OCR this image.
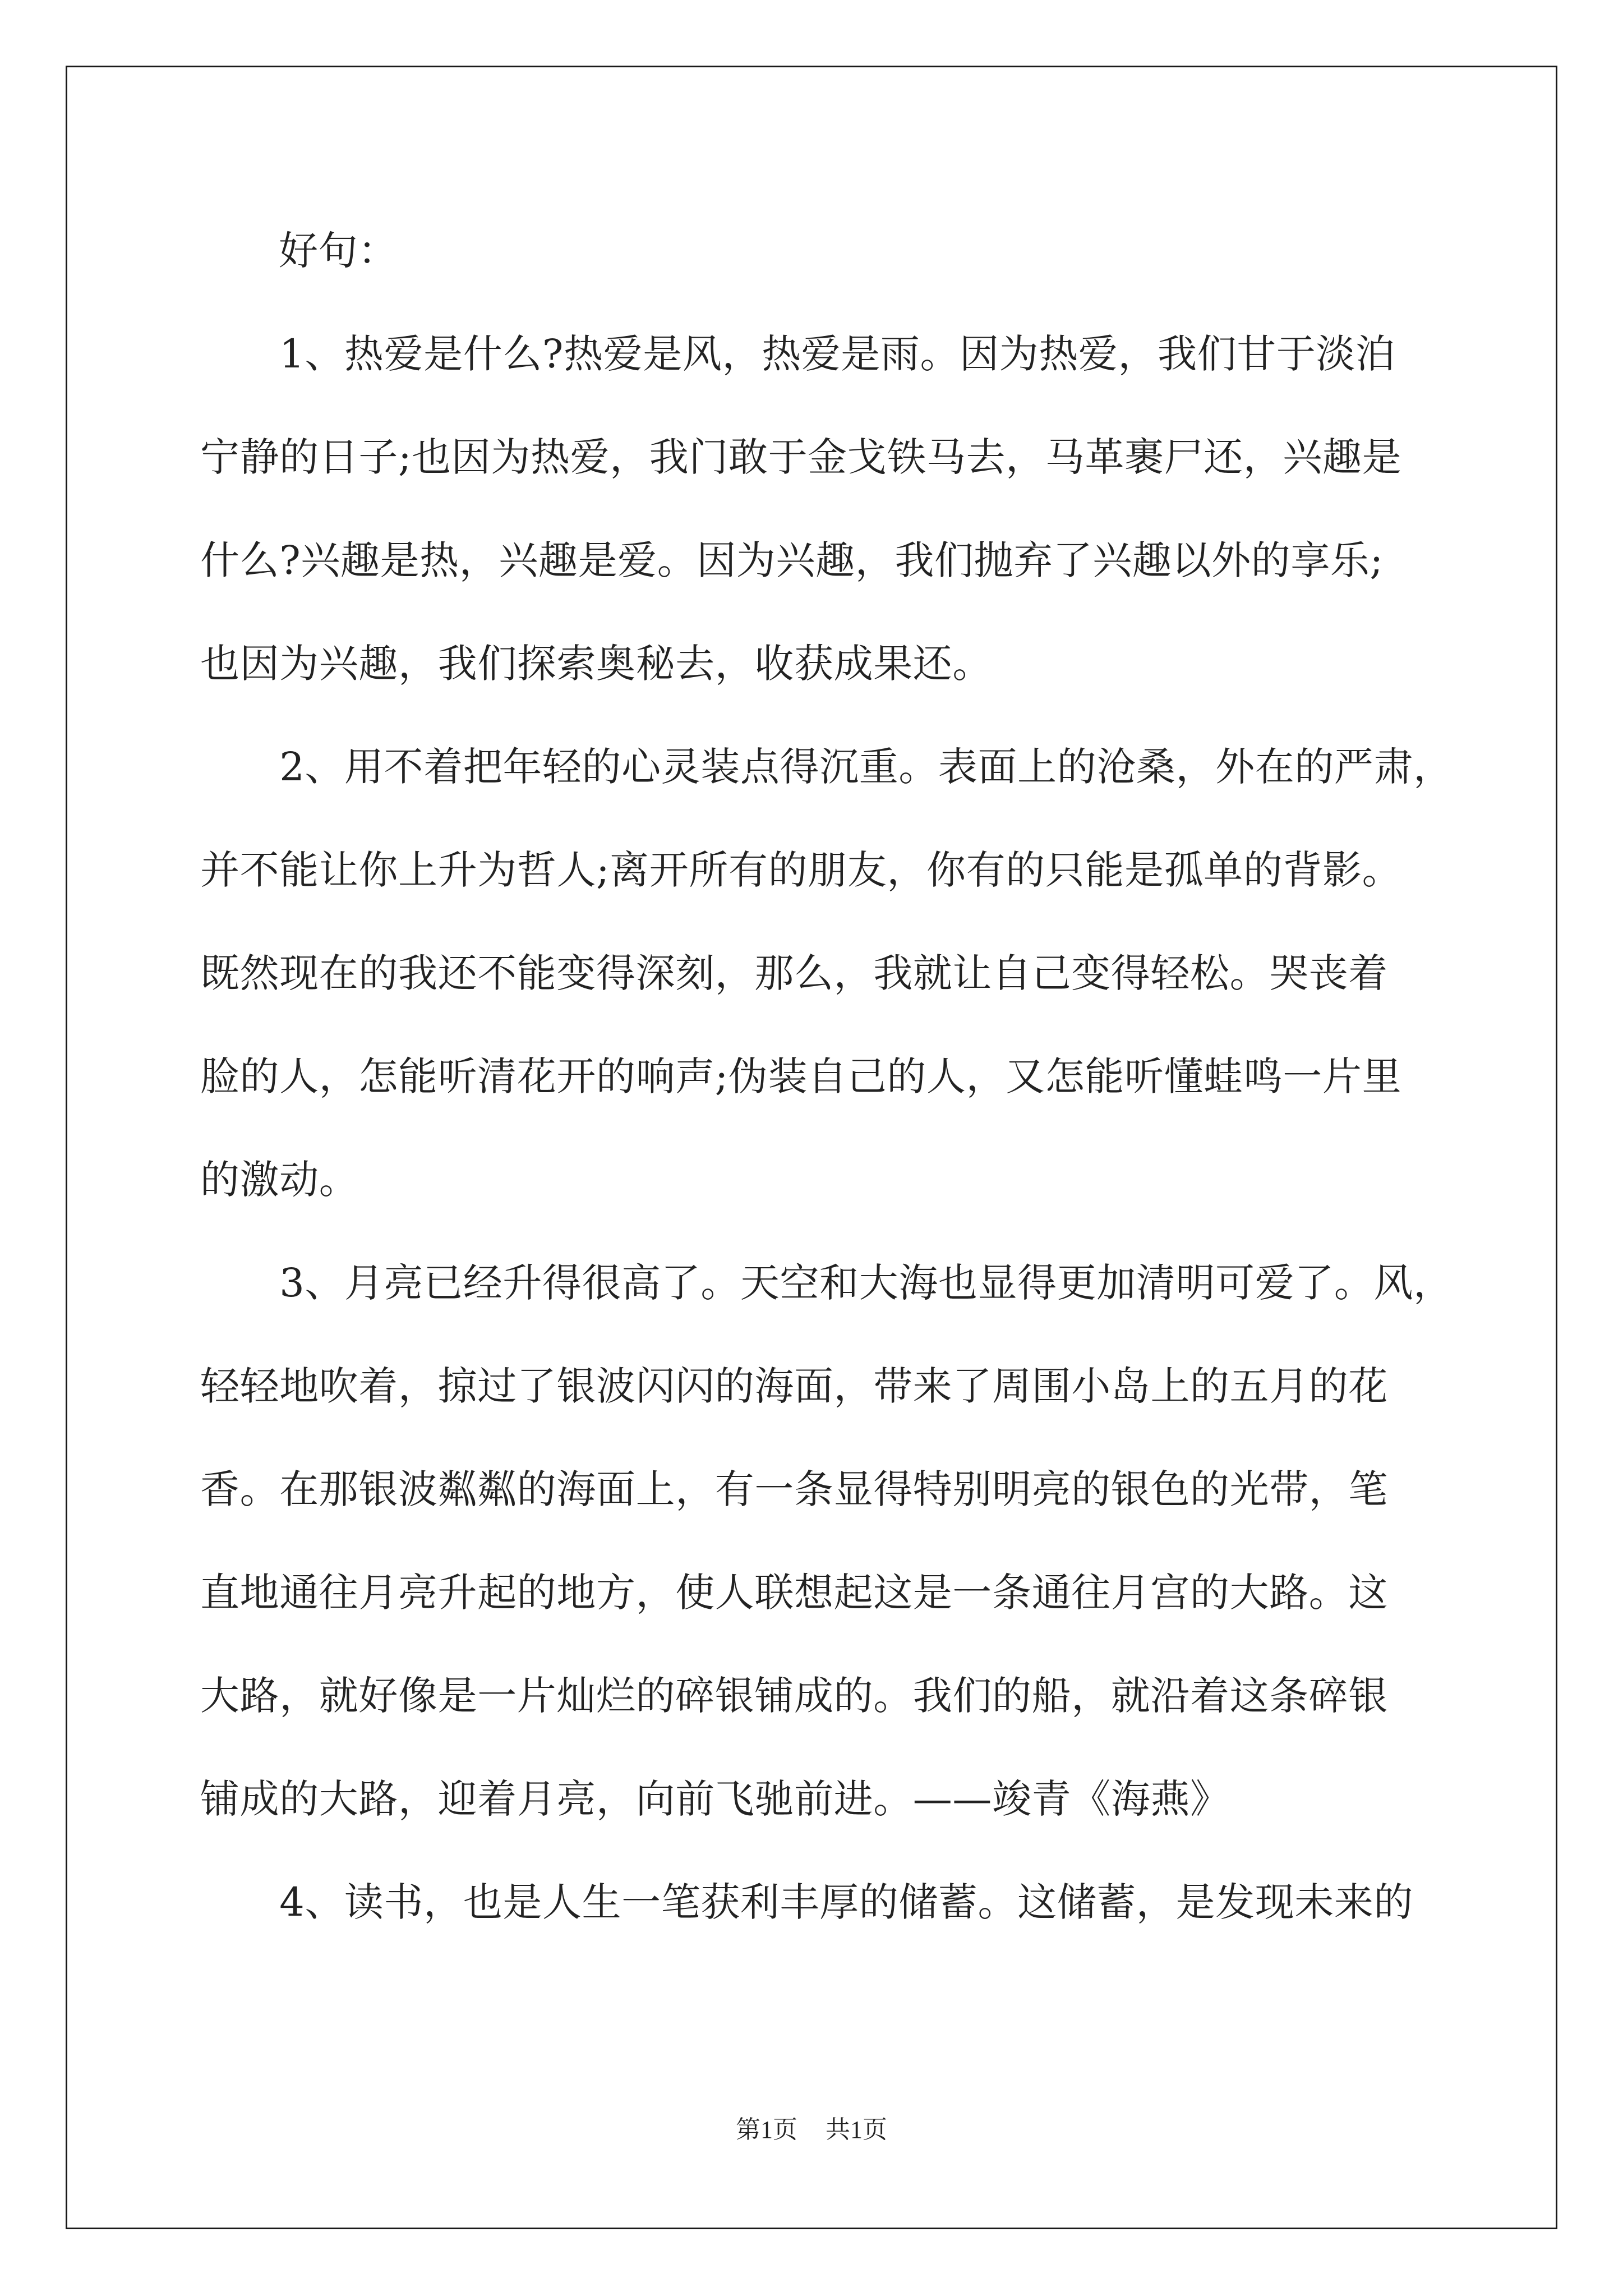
好句：
　　1、热爱是什么?热爱是风，热爱是雨。因为热爱，我们甘于淡泊
宁静的日子;也因为热爱，我门敢于金戈铁马去，马革裹尸还，兴趣是
什么?兴趣是热，兴趣是爱。因为兴趣，我们抛弃了兴趣以外的享乐;
也因为兴趣，我们探索奥秘去，收获成果还。
　　2、用不着把年轻的心灵装点得沉重。表面上的沧桑，外在的严肃，
并不能让你上升为哲人;离开所有的朋友，你有的只能是孤单的背影。
既然现在的我还不能变得深刻，那么，我就让自己变得轻松。哭丧着
脸的人，怎能听清花开的响声;伪装自己的人，又怎能听懂蛙鸣一片里
的激动。
　　3、月亮已经升得很高了。天空和大海也显得更加清明可爱了。风，
轻轻地吹着，掠过了银波闪闪的海面，带来了周围小岛上的五月的花
香。在那银波粼粼的海面上，有一条显得特别明亮的银色的光带，笔
直地通往月亮升起的地方，使人联想起这是一条通往月宫的大路。这
大路，就好像是一片灿烂的碎银铺成的。我们的船，就沿着这条碎银
铺成的大路，迎着月亮，向前飞驰前进。——竣青《海燕》
　　4、读书，也是人生一笔获利丰厚的储蓄。这储蓄，是发现未来的
第1页 共1页
